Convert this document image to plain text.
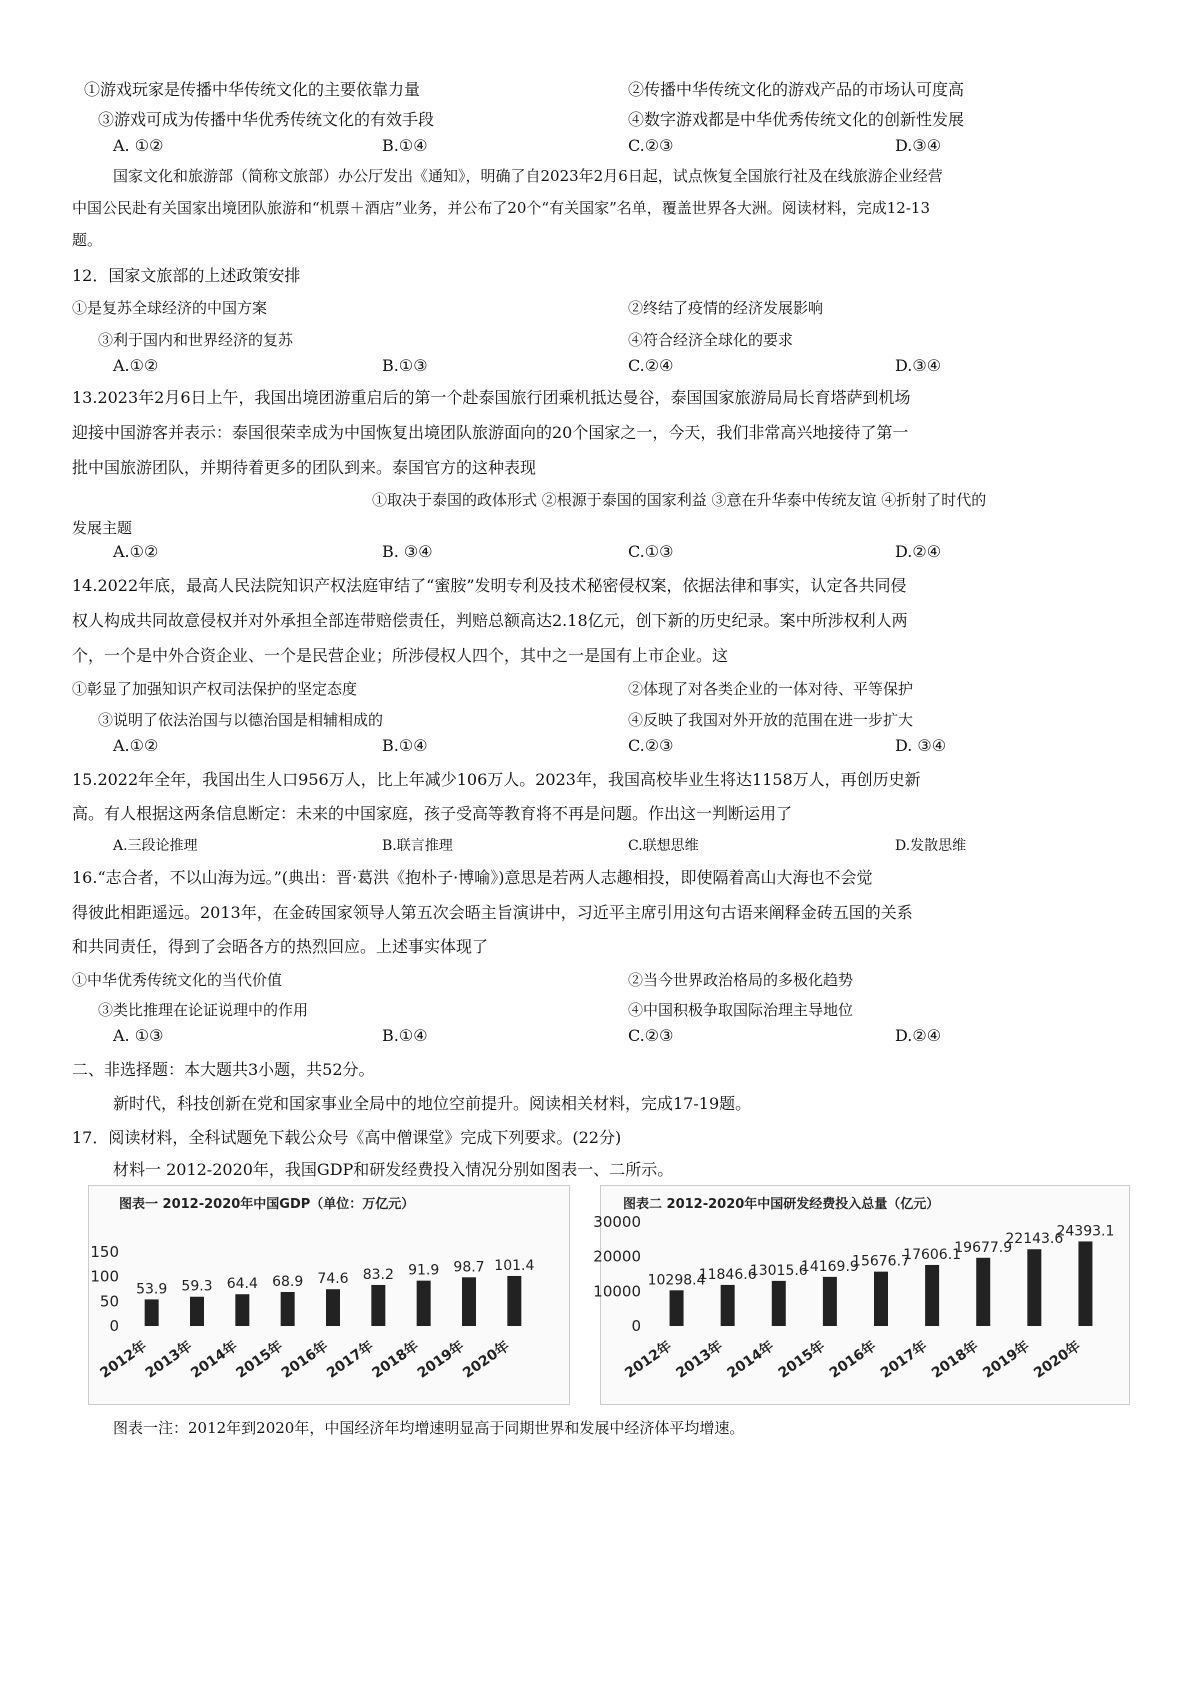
①游戏玩家是传播中华传统文化的主要依靠力量	②传播中华传统文化的游戏产品的市场认可度高
③游戏可成为传播中华优秀传统文化的有效手段	④数字游戏都是中华优秀传统文化的创新性发展
A. ①②	B.①④	C.②③	D.③④
国家文化和旅游部（简称文旅部）办公厅发出《通知》，明确了自2023年2月6日起，试点恢复全国旅行社及在线旅游企业经营
中国公民赴有关国家出境团队旅游和“机票＋酒店”业务，并公布了20个“有关国家”名单，覆盖世界各大洲。阅读材料，完成12-13
题。
12．国家文旅部的上述政策安排
①是复苏全球经济的中国方案	②终结了疫情的经济发展影响
③利于国内和世界经济的复苏	④符合经济全球化的要求
A.①②	B.①③	C.②④	D.③④
13.2023年2月6日上午，我国出境团游重启后的第一个赴泰国旅行团乘机抵达曼谷，泰国国家旅游局局长育塔萨到机场
迎接中国游客并表示：泰国很荣幸成为中国恢复出境团队旅游面向的20个国家之一，今天，我们非常高兴地接待了第一
批中国旅游团队，并期待着更多的团队到来。泰国官方的这种表现
①取决于泰国的政体形式 ②根源于泰国的国家利益 ③意在升华泰中传统友谊 ④折射了时代的
发展主题
A.①②	B. ③④	C.①③	D.②④
14.2022年底，最高人民法院知识产权法庭审结了“蜜胺”发明专利及技术秘密侵权案，依据法律和事实，认定各共同侵
权人构成共同故意侵权并对外承担全部连带赔偿责任，判赔总额高达2.18亿元，创下新的历史纪录。案中所涉权利人两
个，一个是中外合资企业、一个是民营企业；所涉侵权人四个，其中之一是国有上市企业。这
①彰显了加强知识产权司法保护的坚定态度	②体现了对各类企业的一体对待、平等保护
③说明了依法治国与以德治国是相辅相成的	④反映了我国对外开放的范围在进一步扩大
A.①②	B.①④	C.②③	D. ③④
15.2022年全年，我国出生人口956万人，比上年减少106万人。2023年，我国高校毕业生将达1158万人，再创历史新
高。有人根据这两条信息断定：未来的中国家庭，孩子受高等教育将不再是问题。作出这一判断运用了
A.三段论推理	B.联言推理	C.联想思维	D.发散思维
16.“志合者，不以山海为远。”(典出：晋·葛洪《抱朴子·博喻》)意思是若两人志趣相投，即使隔着高山大海也不会觉
得彼此相距遥远。2013年，在金砖国家领导人第五次会晤主旨演讲中，习近平主席引用这句古语来阐释金砖五国的关系
和共同责任，得到了会晤各方的热烈回应。上述事实体现了
①中华优秀传统文化的当代价值	②当今世界政治格局的多极化趋势
③类比推理在论证说理中的作用	④中国积极争取国际治理主导地位
A. ①③	B.①④	C.②③	D.②④
二、非选择题：本大题共3小题，共52分。
新时代，科技创新在党和国家事业全局中的地位空前提升。阅读相关材料，完成17-19题。
17．阅读材料，全科试题免下载公众号《高中僧课堂》完成下列要求。(22分)
材料一 2012-2020年，我国GDP和研发经费投入情况分别如图表一、二所示。
图表一 2012-2020年中国GDP（单位：万亿元）
150
100
50
0
53.9
2012年
59.3
2013年
64.4
2014年
68.9
2015年
74.6
2016年
83.2
2017年
91.9
2018年
98.7
2019年
101.4
2020年
图表二 2012-2020年中国研发经费投入总量（亿元）
30000
20000
10000
0
10298.4
2012年
11846.6
2013年
13015.6
2014年
14169.9
2015年
15676.7
2016年
17606.1
2017年
19677.9
2018年
22143.6
2019年
24393.1
2020年
图表一注：2012年到2020年，中国经济年均增速明显高于同期世界和发展中经济体平均增速。
